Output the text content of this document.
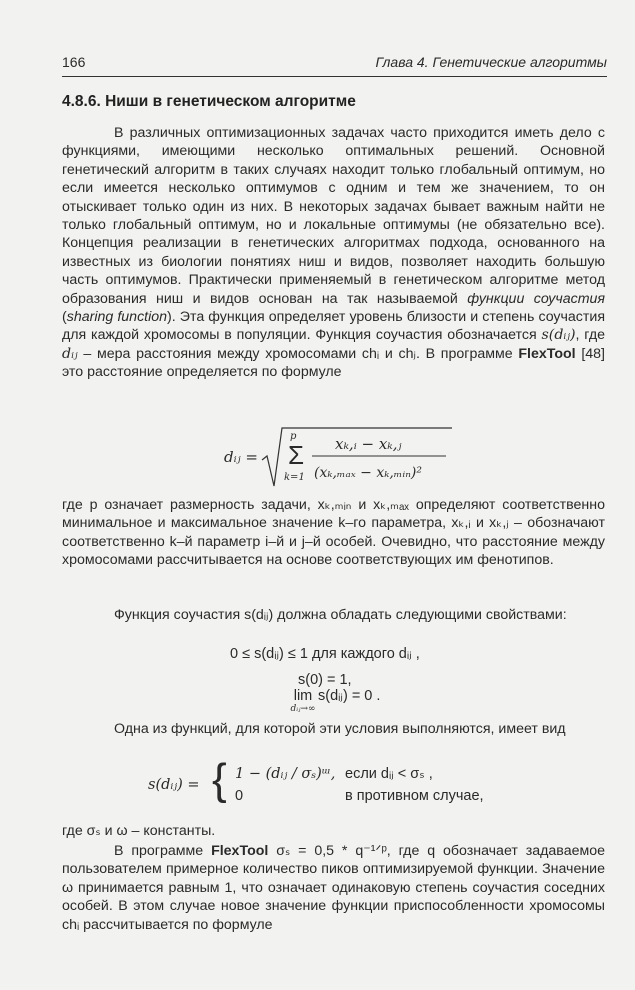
166	Глава 4. Генетические алгоритмы
4.8.6. Ниши в генетическом алгоритме

В различных оптимизационных задачах часто приходится иметь дело с функциями, имеющими несколько оптимальных решений. Основной генетический алгоритм в таких случаях находит только глобальный оптимум, но если имеется несколько оптимумов с одним и тем же значением, то он отыскивает только один из них. В некоторых задачах бывает важным найти не только глобальный оптимум, но и локальные оптимумы (не обязательно все). Концепция реализации в генетических алгоритмах подхода, основанного на известных из биологии понятиях ниш и видов, позволяет находить большую часть оптимумов. Практически применяемый в генетическом алгоритме метод образования ниш и видов основан на так называемой функции соучастия (sharing function). Эта функция определяет уровень близости и степень соучастия для каждой хромосомы в популяции. Функция соучастия обозначается s(dᵢⱼ), где dᵢⱼ – мера расстояния между хромосомами chᵢ и chⱼ. В программе FlexTool [48] это расстояние определяется по формуле

dᵢⱼ =
p
Σ
k=1
xₖ,ᵢ − xₖ,ⱼ
(xₖ,ₘₐₓ − xₖ,ₘᵢₙ)²

где p означает размерность задачи, xₖ,ₘᵢₙ и xₖ,ₘₐₓ определяют соответственно минимальное и максимальное значение k–го параметра, xₖ,ᵢ и xₖ,ⱼ – обозначают соответственно k–й параметр i–й и j–й особей. Очевидно, что расстояние между хромосомами рассчитывается на основе соответствующих им фенотипов.

Функция соучастия s(dᵢⱼ) должна обладать следующими свойствами:

0 ≤ s(dᵢⱼ) ≤ 1 для каждого dᵢⱼ ,
s(0) = 1,
lim
dᵢⱼ→∞
s(dᵢⱼ) = 0 .

Одна из функций, для которой эти условия выполняются, имеет вид

s(dᵢⱼ) = { 1 − (dᵢⱼ / σₛ)ᵚ, если dᵢⱼ < σₛ ,
0	в противном случае,

где σₛ и ω – константы.

В программе FlexTool σₛ = 0,5 * q⁻¹ᐟᵖ, где q обозначает задаваемое пользователем примерное количество пиков оптимизируемой функции. Значение ω принимается равным 1, что означает одинаковую степень соучастия соседних особей. В этом случае новое значение функции приспособленности хромосомы chᵢ рассчитывается по формуле
